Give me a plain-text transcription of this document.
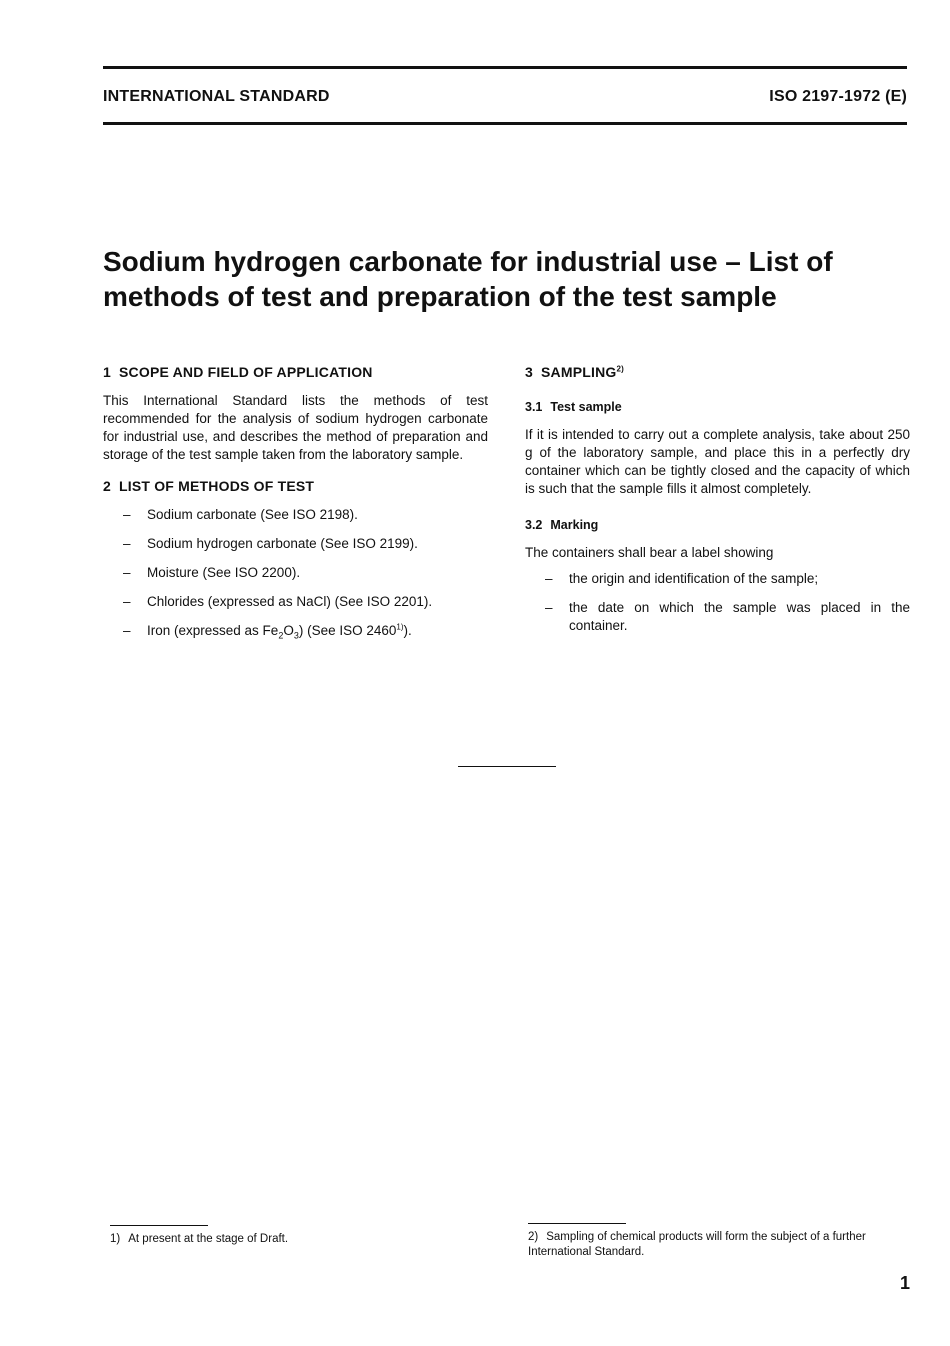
INTERNATIONAL STANDARD	ISO 2197-1972 (E)
Sodium hydrogen carbonate for industrial use – List of
methods of test and preparation of the test sample
1 SCOPE AND FIELD OF APPLICATION

This International Standard lists the methods of test recommended for the analysis of sodium hydrogen carbonate for industrial use, and describes the method of preparation and storage of the test sample taken from the laboratory sample.

2 LIST OF METHODS OF TEST
– Sodium carbonate (See ISO 2198).
– Sodium hydrogen carbonate (See ISO 2199).
– Moisture (See ISO 2200).
– Chlorides (expressed as NaCl) (See ISO 2201).
– Iron (expressed as $Fe_2O_3$) (See ISO 2460$^{1)}$).
3 SAMPLING$^{2)}$
3.1 Test sample

If it is intended to carry out a complete analysis, take about 250 g of the laboratory sample, and place this in a perfectly dry container which can be tightly closed and the capacity of which is such that the sample fills it almost completely.

3.2 Marking

The containers shall bear a label showing

– the origin and identification of the sample;
– the date on which the sample was placed in the container.
1) At present at the stage of Draft.	2) Sampling of chemical products will form the subject of a further International Standard.
1
